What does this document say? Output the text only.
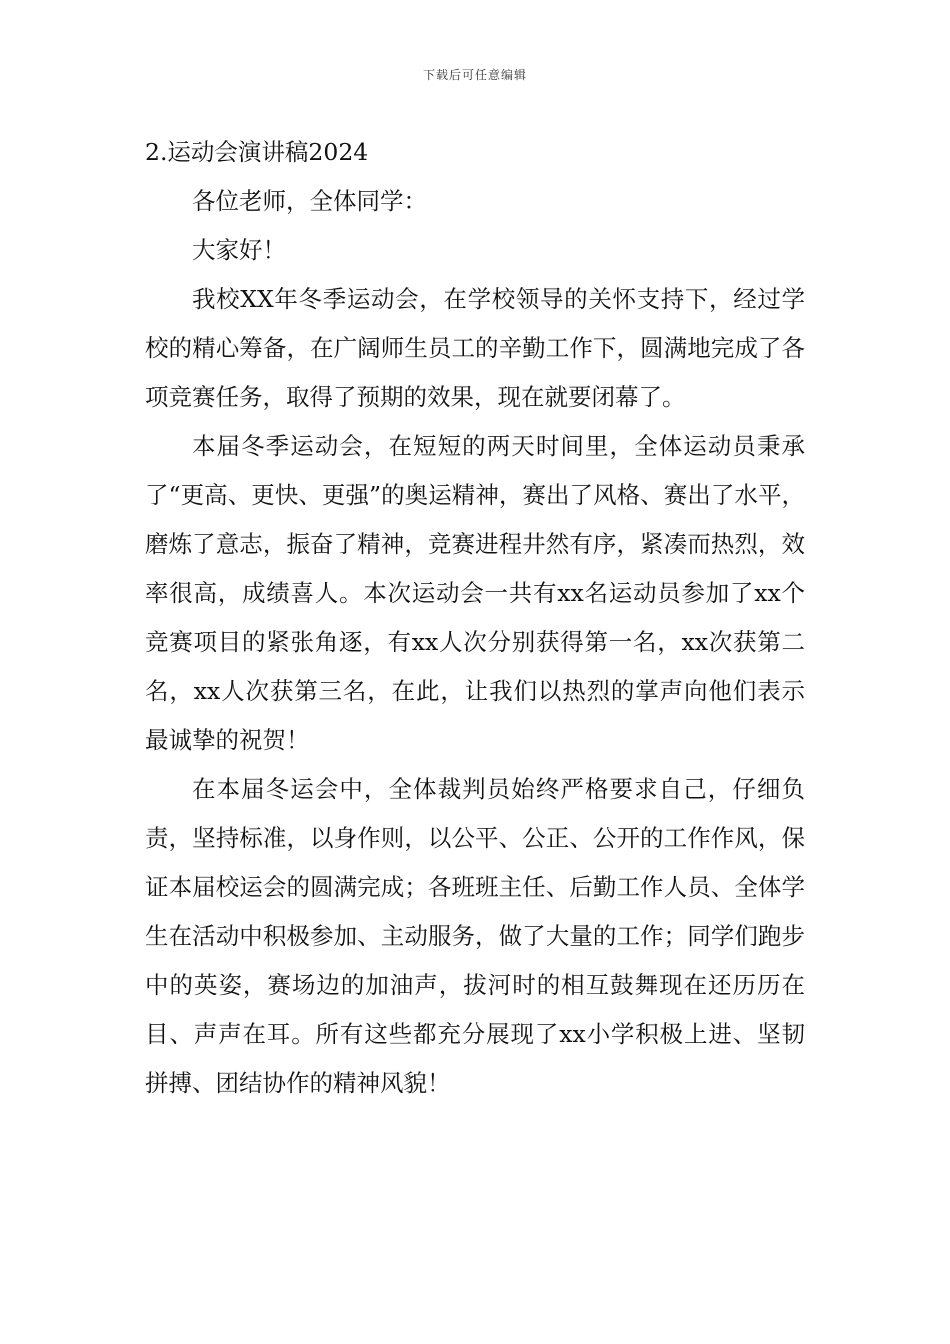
下载后可任意编辑

2.运动会演讲稿2024

各位老师，全体同学：

大家好！

我校XX年冬季运动会，在学校领导的关怀支持下，经过学校的精心筹备，在广阔师生员工的辛勤工作下，圆满地完成了各项竞赛任务，取得了预期的效果，现在就要闭幕了。

本届冬季运动会，在短短的两天时间里，全体运动员秉承了“更高、更快、更强”的奥运精神，赛出了风格、赛出了水平，磨炼了意志，振奋了精神，竞赛进程井然有序，紧凑而热烈，效率很高，成绩喜人。本次运动会一共有xx名运动员参加了xx个竞赛项目的紧张角逐，有xx人次分别获得第一名，xx次获第二名，xx人次获第三名，在此，让我们以热烈的掌声向他们表示最诚挚的祝贺！

在本届冬运会中，全体裁判员始终严格要求自己，仔细负责，坚持标准，以身作则，以公平、公正、公开的工作作风，保证本届校运会的圆满完成；各班班主任、后勤工作人员、全体学生在活动中积极参加、主动服务，做了大量的工作；同学们跑步中的英姿，赛场边的加油声，拔河时的相互鼓舞现在还历历在目、声声在耳。所有这些都充分展现了xx小学积极上进、坚韧拼搏、团结协作的精神风貌！
